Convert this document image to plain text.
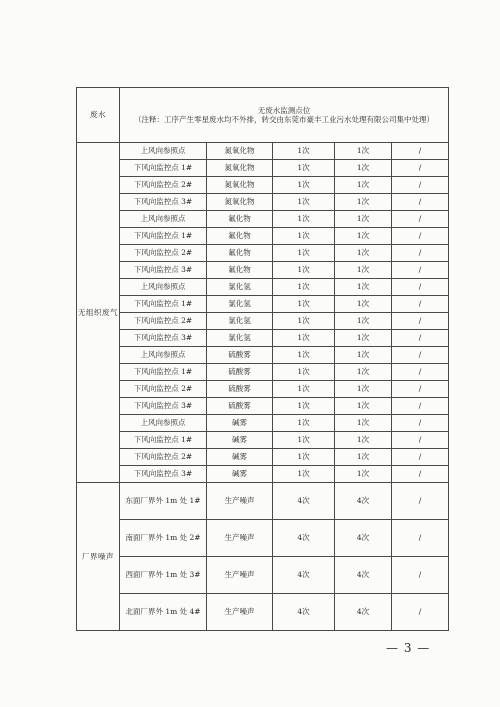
废水	无废水监测点位
（注释：工序产生零星废水均不外排，转交由东莞市豪丰工业污水处理有限公司集中处理）				

无组织废气	上风向参照点	氮氧化物	1次	1次	/
	下风向监控点 1#	氮氧化物	1次	1次	/
	下风向监控点 2#	氮氧化物	1次	1次	/
	下风向监控点 3#	氮氧化物	1次	1次	/
	上风向参照点	氟化物	1次	1次	/
	下风向监控点 1#	氟化物	1次	1次	/
	下风向监控点 2#	氟化物	1次	1次	/
	下风向监控点 3#	氟化物	1次	1次	/
	上风向参照点	氯化氢	1次	1次	/
	下风向监控点 1#	氯化氢	1次	1次	/
	下风向监控点 2#	氯化氢	1次	1次	/
	下风向监控点 3#	氯化氢	1次	1次	/
	上风向参照点	硫酸雾	1次	1次	/
	下风向监控点 1#	硫酸雾	1次	1次	/
	下风向监控点 2#	硫酸雾	1次	1次	/
	下风向监控点 3#	硫酸雾	1次	1次	/
	上风向参照点	碱雾	1次	1次	/
	下风向监控点 1#	碱雾	1次	1次	/
	下风向监控点 2#	碱雾	1次	1次	/
	下风向监控点 3#	碱雾	1次	1次	/
厂界噪声	东面厂界外 1m 处 1#	生产噪声	4次	4次	/
	南面厂界外 1m 处 2#	生产噪声	4次	4次	/
	西面厂界外 1m 处 3#	生产噪声	4次	4次	/
	北面厂界外 1m 处 4#	生产噪声	4次	4次	/
— 3 —
